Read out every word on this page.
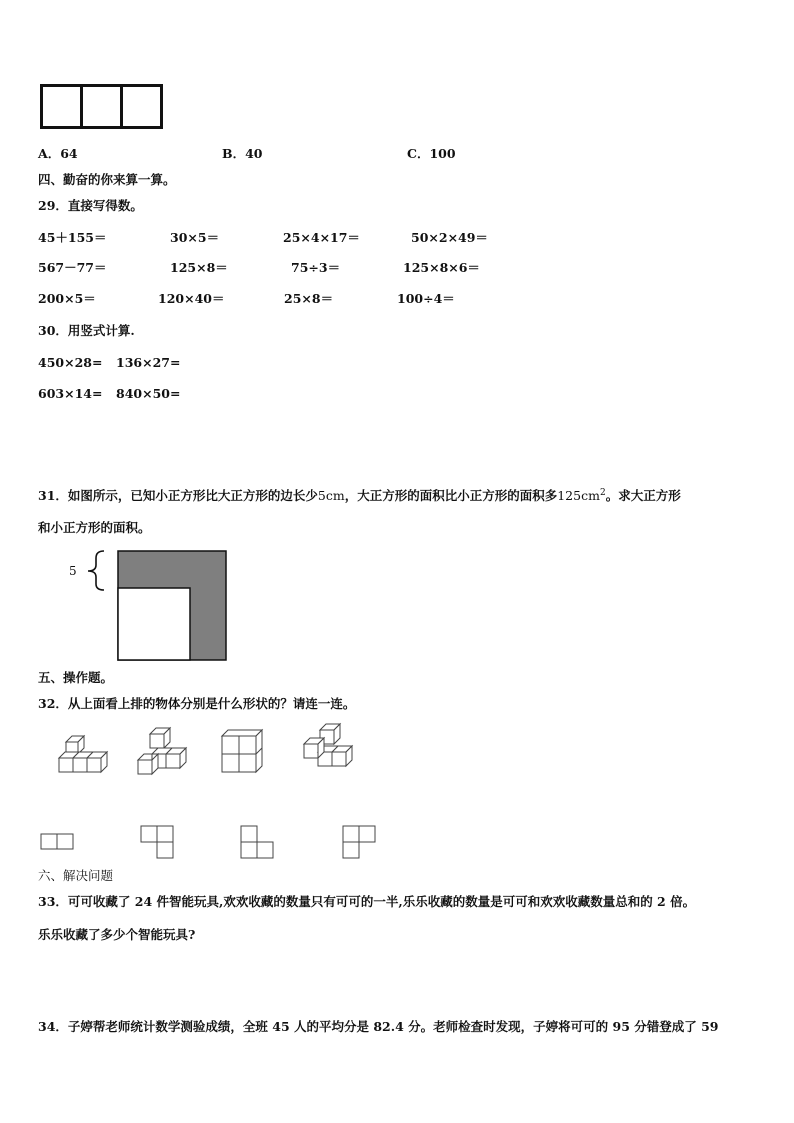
A．64	B．40	C．100
四、勤奋的你来算一算。
29．直接写得数。
45＋155＝	30×5＝	25×4×17＝	50×2×49＝
567－77＝	125×8＝	75÷3＝	125×8×6＝
200×5＝	120×40＝	25×8＝	100÷4＝
30．用竖式计算.
450×28= 136×27=
603×14= 840×50=
31．如图所示，已知小正方形比大正方形的边长少5cm，大正方形的面积比小正方形的面积多$125cm^2$。求大正方形
和小正方形的面积。
5
五、操作题。
32．从上面看上排的物体分别是什么形状的？请连一连。
六、解决问题
33．可可收藏了 24 件智能玩具,欢欢收藏的数量只有可可的一半,乐乐收藏的数量是可可和欢欢收藏数量总和的 2 倍。
乐乐收藏了多少个智能玩具?
34．子婷帮老师统计数学测验成绩，全班 45 人的平均分是 82.4 分。老师检查时发现，子婷将可可的 95 分错登成了 59
